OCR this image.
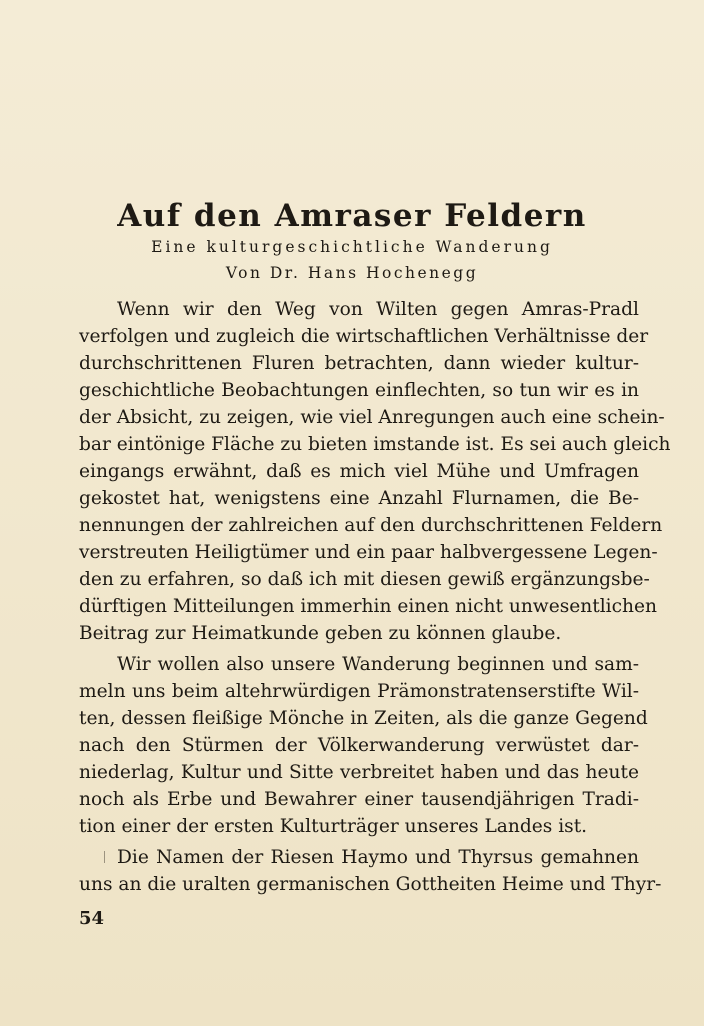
Auf den Amraser Feldern
Eine kulturgeschichtliche Wanderung
Von Dr. Hans Hochenegg
Wenn wir den Weg von Wilten gegen Amras-Pradl
verfolgen und zugleich die wirtschaftlichen Verhältnisse der
durchschrittenen Fluren betrachten, dann wieder kultur-
geschichtliche Beobachtungen einflechten, so tun wir es in
der Absicht, zu zeigen, wie viel Anregungen auch eine schein-
bar eintönige Fläche zu bieten imstande ist. Es sei auch gleich
eingangs erwähnt, daß es mich viel Mühe und Umfragen
gekostet hat, wenigstens eine Anzahl Flurnamen, die Be-
nennungen der zahlreichen auf den durchschrittenen Feldern
verstreuten Heiligtümer und ein paar halbvergessene Legen-
den zu erfahren, so daß ich mit diesen gewiß ergänzungsbe-
dürftigen Mitteilungen immerhin einen nicht unwesentlichen
Beitrag zur Heimatkunde geben zu können glaube.
Wir wollen also unsere Wanderung beginnen und sam-
meln uns beim altehrwürdigen Prämonstratenserstifte Wil-
ten, dessen fleißige Mönche in Zeiten, als die ganze Gegend
nach den Stürmen der Völkerwanderung verwüstet dar-
niederlag, Kultur und Sitte verbreitet haben und das heute
noch als Erbe und Bewahrer einer tausendjährigen Tradi-
tion einer der ersten Kulturträger unseres Landes ist.
Die Namen der Riesen Haymo und Thyrsus gemahnen
uns an die uralten germanischen Gottheiten Heime und Thyr-
54
